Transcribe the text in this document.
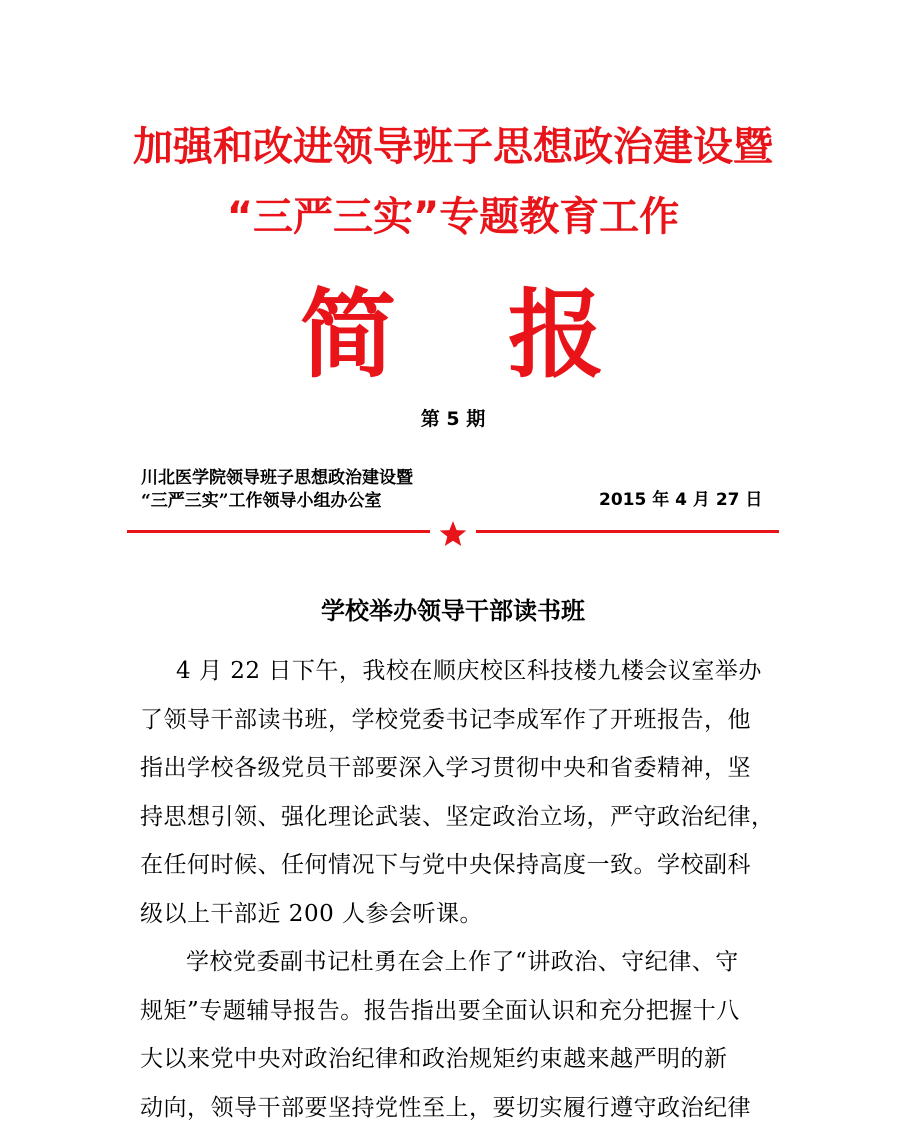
加强和改进领导班子思想政治建设暨
“三严三实”专题教育工作
简 报
第 5 期
川北医学院领导班子思想政治建设暨
“三严三实”工作领导小组办公室	2015 年 4 月 27 日
学校举办领导干部读书班
4 月 22 日下午，我校在顺庆校区科技楼九楼会议室举办
了领导干部读书班，学校党委书记李成军作了开班报告，他
指出学校各级党员干部要深入学习贯彻中央和省委精神，坚
持思想引领、强化理论武装、坚定政治立场，严守政治纪律，
在任何时候、任何情况下与党中央保持高度一致。学校副科
级以上干部近 200 人参会听课。
学校党委副书记杜勇在会上作了“讲政治、守纪律、守
规矩”专题辅导报告。报告指出要全面认识和充分把握十八
大以来党中央对政治纪律和政治规矩约束越来越严明的新
动向，领导干部要坚持党性至上，要切实履行遵守政治纪律
